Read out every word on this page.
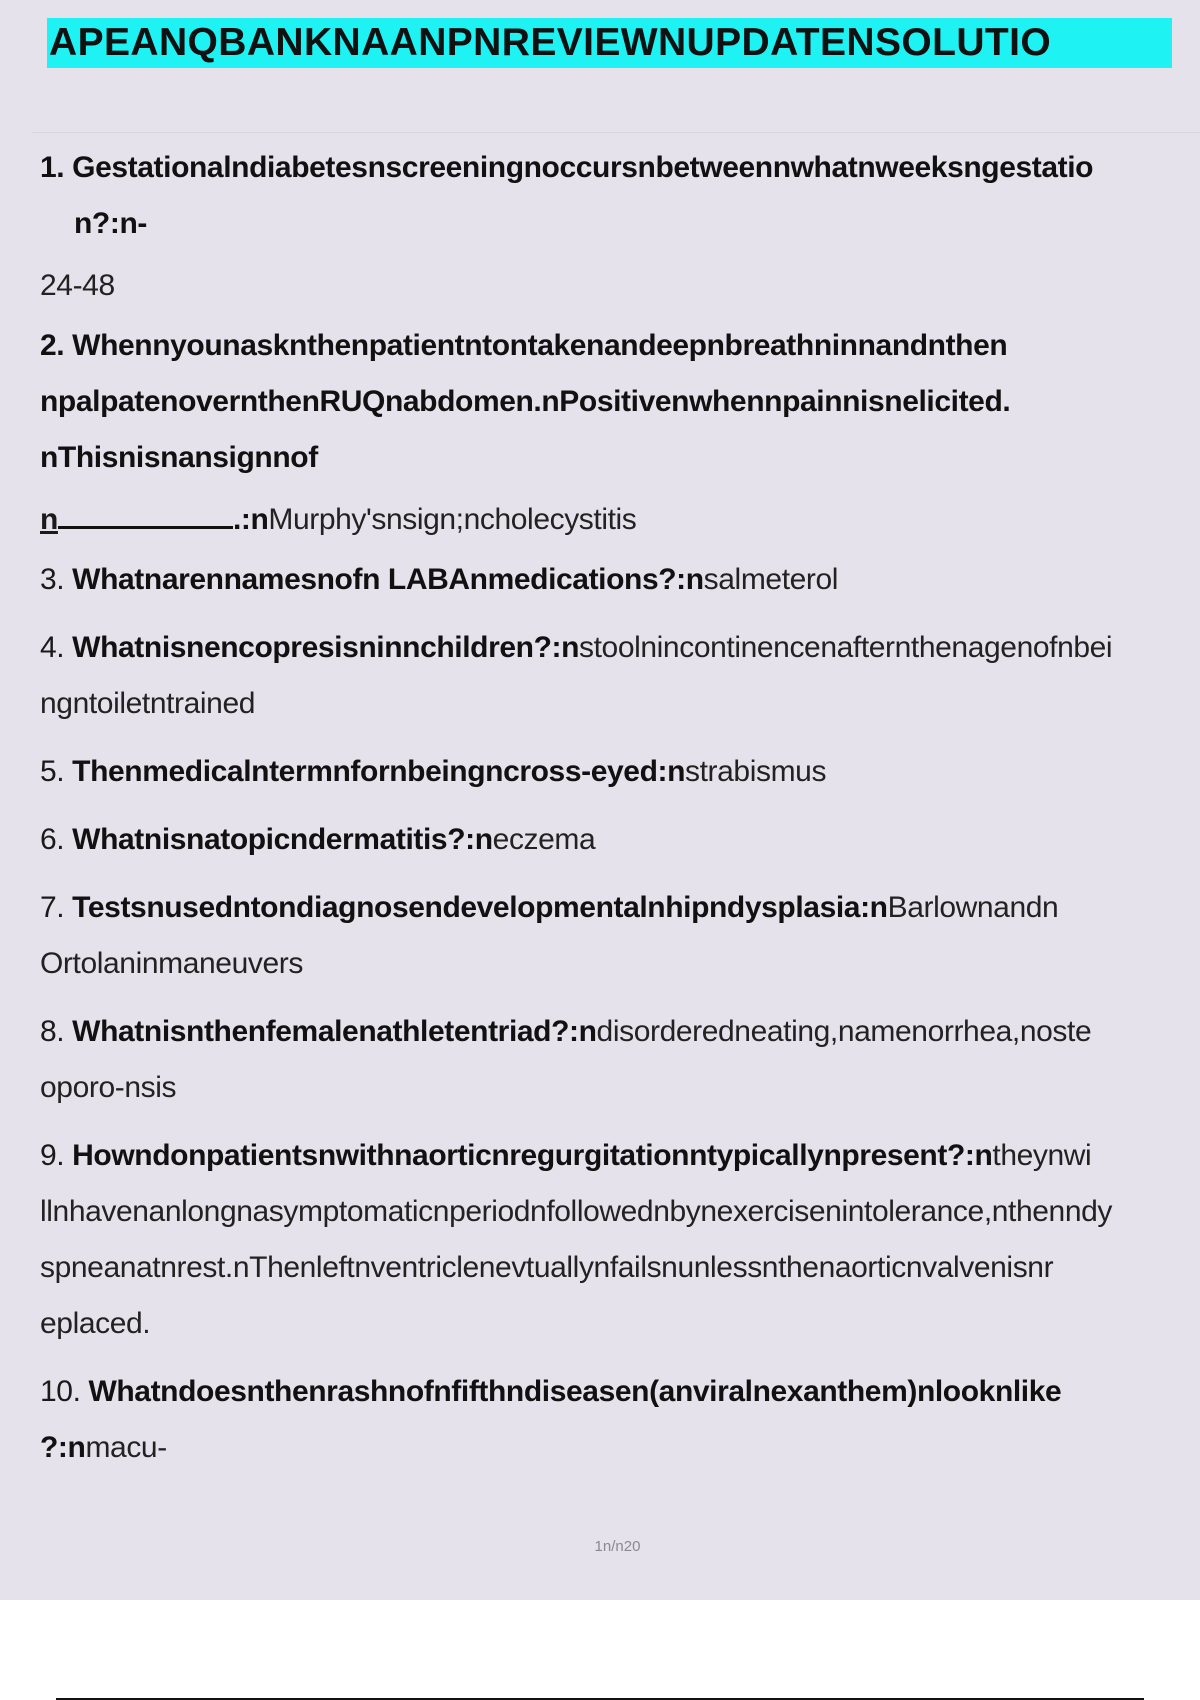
APEANQBANKNAANPNREVIEWNUPDATENSOLUTIO
1. Gestationalndiabetesnscreeningnoccursnbetweennwhatnweeksngestatio
n?:n-
24-48
2. Whennyounasknthenpatientntontakenandeepnbreathninnandnthen
npalpatenovernthenRUQnabdomen.nPositivenwhennpainnisnelicited.
nThisnisnansignnof
n	.:nMurphy'snsign;ncholecystitis
3. Whatnarennamesnofn LABAnmedications?:nsalmeterol
4. Whatnisnencopresisninnchildren?:nstoolnincontinencenafternthenagenofnbei
ngntoiletntrained
5. Thenmedicalntermnfornbeingncross-eyed:nstrabismus
6. Whatnisnatopicndermatitis?:neczema
7. Testsnusedntondiagnosendevelopmentalnhipndysplasia:nBarlownandn
Ortolaninmaneuvers
8. Whatnisnthenfemalenathletentriad?:ndisorderedneating,namenorrhea,noste
oporo-nsis
9. Howndonpatientsnwithnaorticnregurgitationntypicallynpresent?:ntheynwi
llnhavenanlongnasymptomaticnperiodnfollowednbynexercisenintolerance,nthenndy
spneanatnrest.nThenleftnventriclenevtuallynfailsnunlessnthenaorticnvalvenisnr
eplaced.
10. Whatndoesnthenrashnofnfifthndiseasen(anviralnexanthem)nlooknlike
?:nmacu-
1n/n20
